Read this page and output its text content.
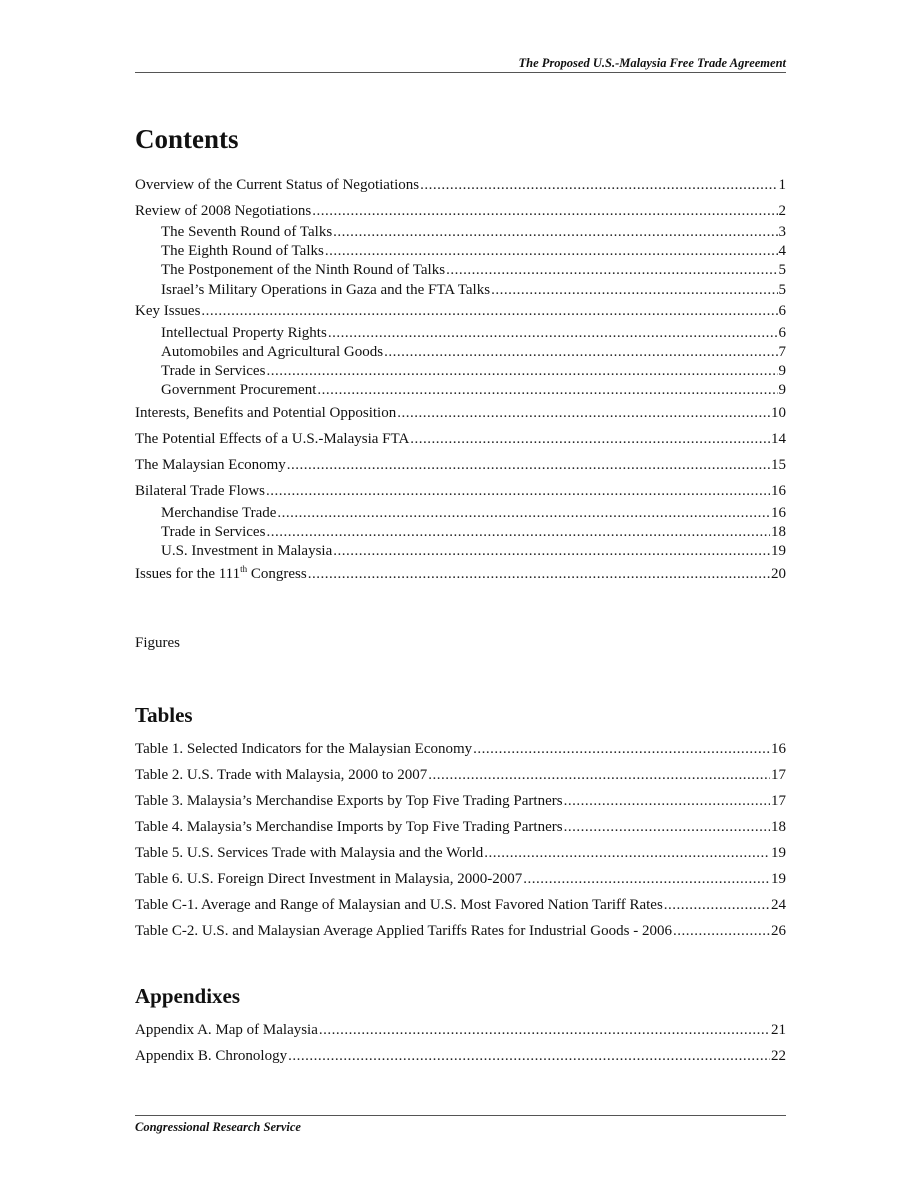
The Proposed U.S.-Malaysia Free Trade Agreement
Contents
Overview of the Current Status of Negotiations .....	1
Review of 2008 Negotiations .....	2
The Seventh Round of Talks .....	3
The Eighth Round of Talks .....	4
The Postponement of the Ninth Round of Talks .....	5
Israel’s Military Operations in Gaza and the FTA Talks .....	5
Key Issues .....	6
Intellectual Property Rights .....	6
Automobiles and Agricultural Goods .....	7
Trade in Services .....	9
Government Procurement .....	9
Interests, Benefits and Potential Opposition .....	10
The Potential Effects of a U.S.-Malaysia FTA .....	14
The Malaysian Economy .....	15
Bilateral Trade Flows .....	16
Merchandise Trade .....	16
Trade in Services .....	18
U.S. Investment in Malaysia .....	19
Issues for the 111th Congress .....	20
Figures
Tables
Table 1. Selected Indicators for the Malaysian Economy .....	16
Table 2. U.S. Trade with Malaysia, 2000 to 2007 .....	17
Table 3. Malaysia’s Merchandise Exports by Top Five Trading Partners .....	17
Table 4. Malaysia’s Merchandise Imports by Top Five Trading Partners .....	18
Table 5. U.S. Services Trade with Malaysia and the World .....	19
Table 6. U.S. Foreign Direct Investment in Malaysia, 2000-2007 .....	19
Table C-1. Average and Range of Malaysian and U.S. Most Favored Nation Tariff Rates .....	24
Table C-2. U.S. and Malaysian Average Applied Tariffs Rates for Industrial Goods - 2006 .....	26
Appendixes
Appendix A. Map of Malaysia .....	21
Appendix B. Chronology .....	22
Congressional Research Service
